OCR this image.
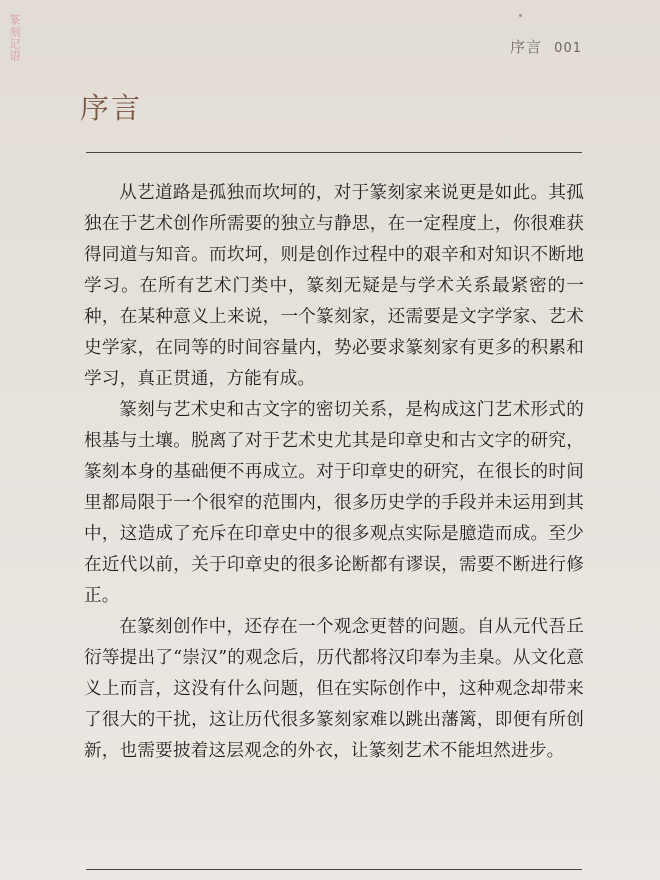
篆刻记语	序言 001
序言

从艺道路是孤独而坎坷的，对于篆刻家来说更是如此。其孤独在于艺术创作所需要的独立与静思，在一定程度上，你很难获得同道与知音。而坎坷，则是创作过程中的艰辛和对知识不断地学习。在所有艺术门类中，篆刻无疑是与学术关系最紧密的一种，在某种意义上来说，一个篆刻家，还需要是文字学家、艺术史学家，在同等的时间容量内，势必要求篆刻家有更多的积累和学习，真正贯通，方能有成。

篆刻与艺术史和古文字的密切关系，是构成这门艺术形式的根基与土壤。脱离了对于艺术史尤其是印章史和古文字的研究，篆刻本身的基础便不再成立。对于印章史的研究，在很长的时间里都局限于一个很窄的范围内，很多历史学的手段并未运用到其中，这造成了充斥在印章史中的很多观点实际是臆造而成。至少在近代以前，关于印章史的很多论断都有谬误，需要不断进行修正。

在篆刻创作中，还存在一个观念更替的问题。自从元代吾丘衍等提出了“崇汉”的观念后，历代都将汉印奉为圭臬。从文化意义上而言，这没有什么问题，但在实际创作中，这种观念却带来了很大的干扰，这让历代很多篆刻家难以跳出藩篱，即便有所创新，也需要披着这层观念的外衣，让篆刻艺术不能坦然进步。
